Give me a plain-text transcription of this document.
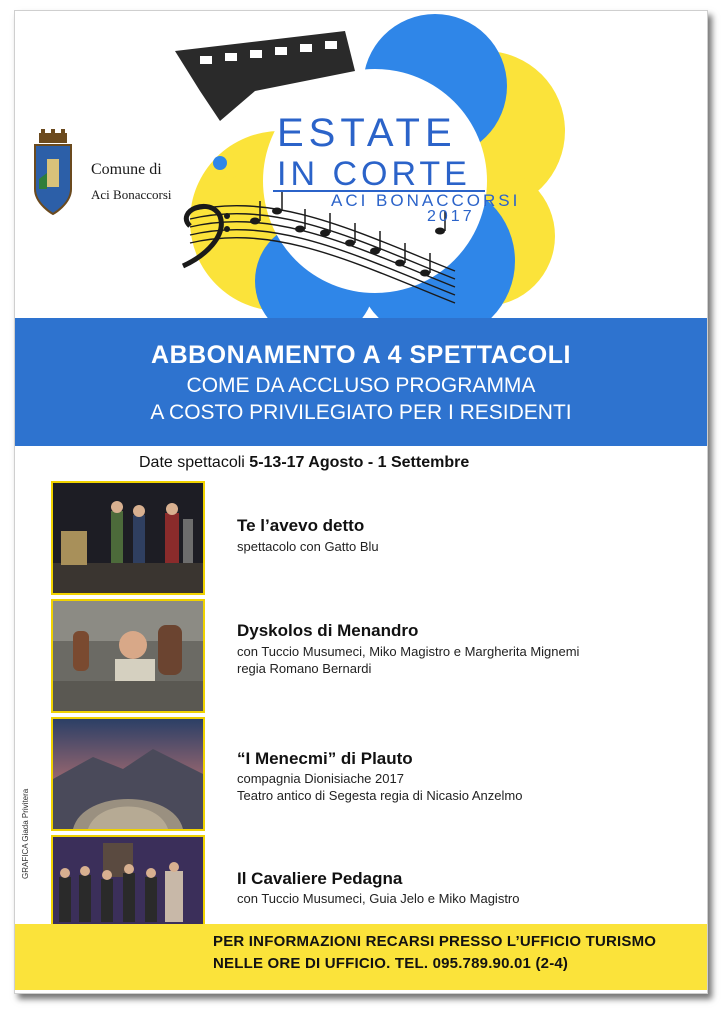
Comune di
Aci Bonaccorsi
ESTATE
IN CORTE
ACI BONACCORSI
2017
ABBONAMENTO A 4 SPETTACOLI
COME DA ACCLUSO PROGRAMMA
A COSTO PRIVILEGIATO PER I RESIDENTI
Date spettacoli 5-13-17 Agosto - 1 Settembre
Te l’avevo detto
spettacolo con Gatto Blu
Dyskolos di Menandro
con Tuccio Musumeci, Miko Magistro e Margherita Mignemi
regia Romano Bernardi
“I Menecmi” di Plauto
compagnia Dionisiache 2017
Teatro antico di Segesta regia di Nicasio Anzelmo
Il Cavaliere Pedagna
con Tuccio Musumeci, Guia Jelo e Miko Magistro
GRAFICA Giada Privitera
PER INFORMAZIONI RECARSI PRESSO L’UFFICIO TURISMO
NELLE ORE DI UFFICIO. TEL. 095.789.90.01 (2-4)
